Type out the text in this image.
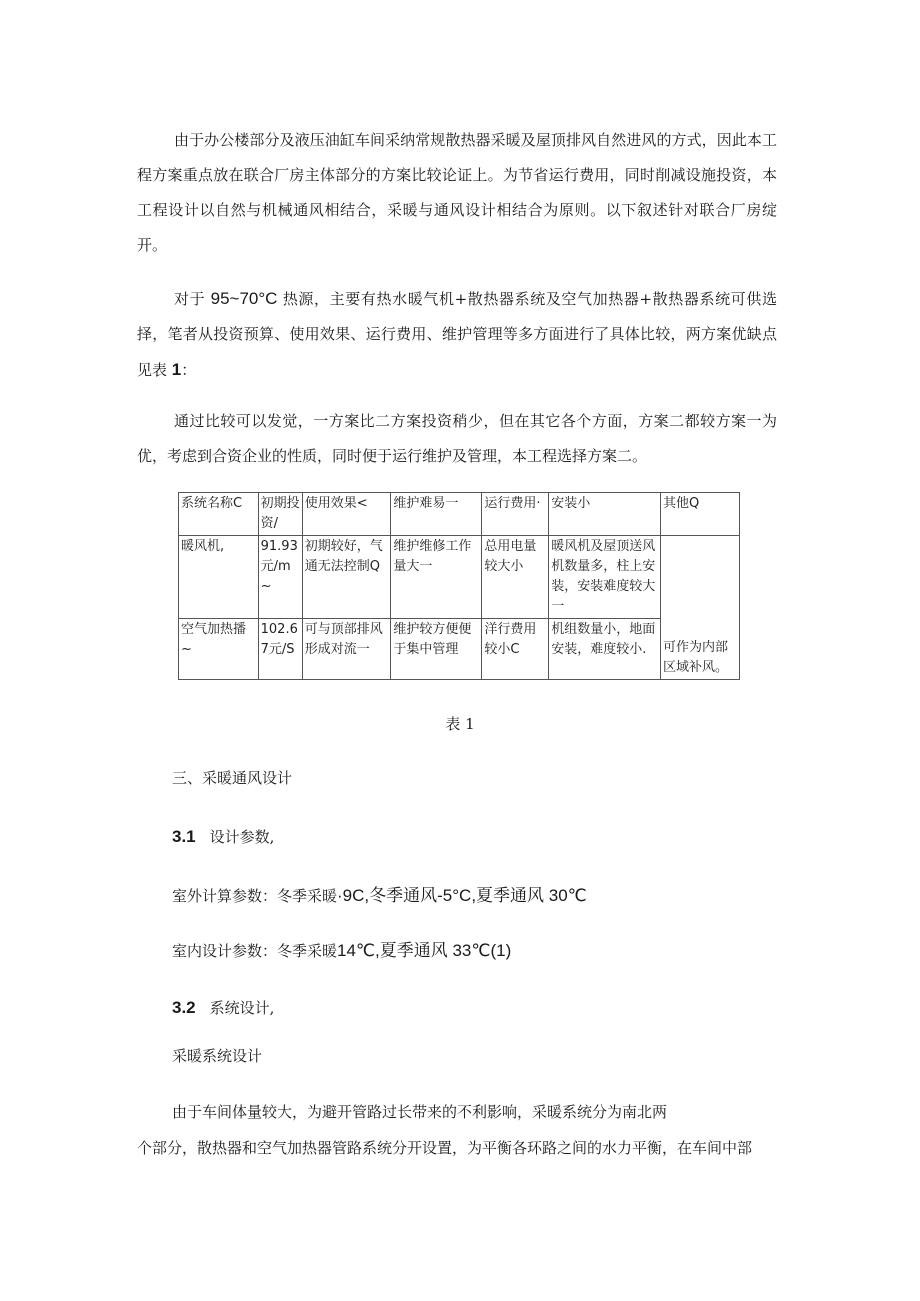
由于办公楼部分及液压油缸车间采纳常规散热器采暖及屋顶排风自然进风的方式，因此本工程方案重点放在联合厂房主体部分的方案比较论证上。为节省运行费用，同时削减设施投资，本工程设计以自然与机械通风相结合，采暖与通风设计相结合为原则。以下叙述针对联合厂房绽开。

对于 95~70°C 热源，主要有热水暖气机+散热器系统及空气加热器+散热器系统可供选择，笔者从投资预算、使用效果、运行费用、维护管理等多方面进行了具体比较，两方案优缺点见表 1：

通过比较可以发觉，一方案比二方案投资稍少，但在其它各个方面，方案二都较方案一为优，考虑到合资企业的性质，同时便于运行维护及管理，本工程选择方案二。

系统名称C	初期投资/	使用效果<	维护难易一	运行费用·	安装小	其他Q
暖风机,	91.93元/m~	初期较好，气通无法控制Q	维护维修工作量大一	总用电量较大小	暖风机及屋顶送风机数量多，柱上安装，安装难度较大一	可作为内部区域补风。
空气加热播~	102.67元/S	可与顶部排风形成对流一	维护较方便便于集中管理	洋行费用较小C	机组数量小，地面安装，难度较小.	
表 1
三、采暖通风设计
3.1 设计参数,
室外计算参数：冬季采暖·9C,冬季通风-5°C,夏季通风 30℃
室内设计参数：冬季采暖14℃,夏季通风 33℃(1)
3.2 系统设计,
采暖系统设计
由于车间体量较大，为避开管路过长带来的不利影响，采暖系统分为南北两
个部分，散热器和空气加热器管路系统分开设置，为平衡各环路之间的水力平衡，在车间中部
